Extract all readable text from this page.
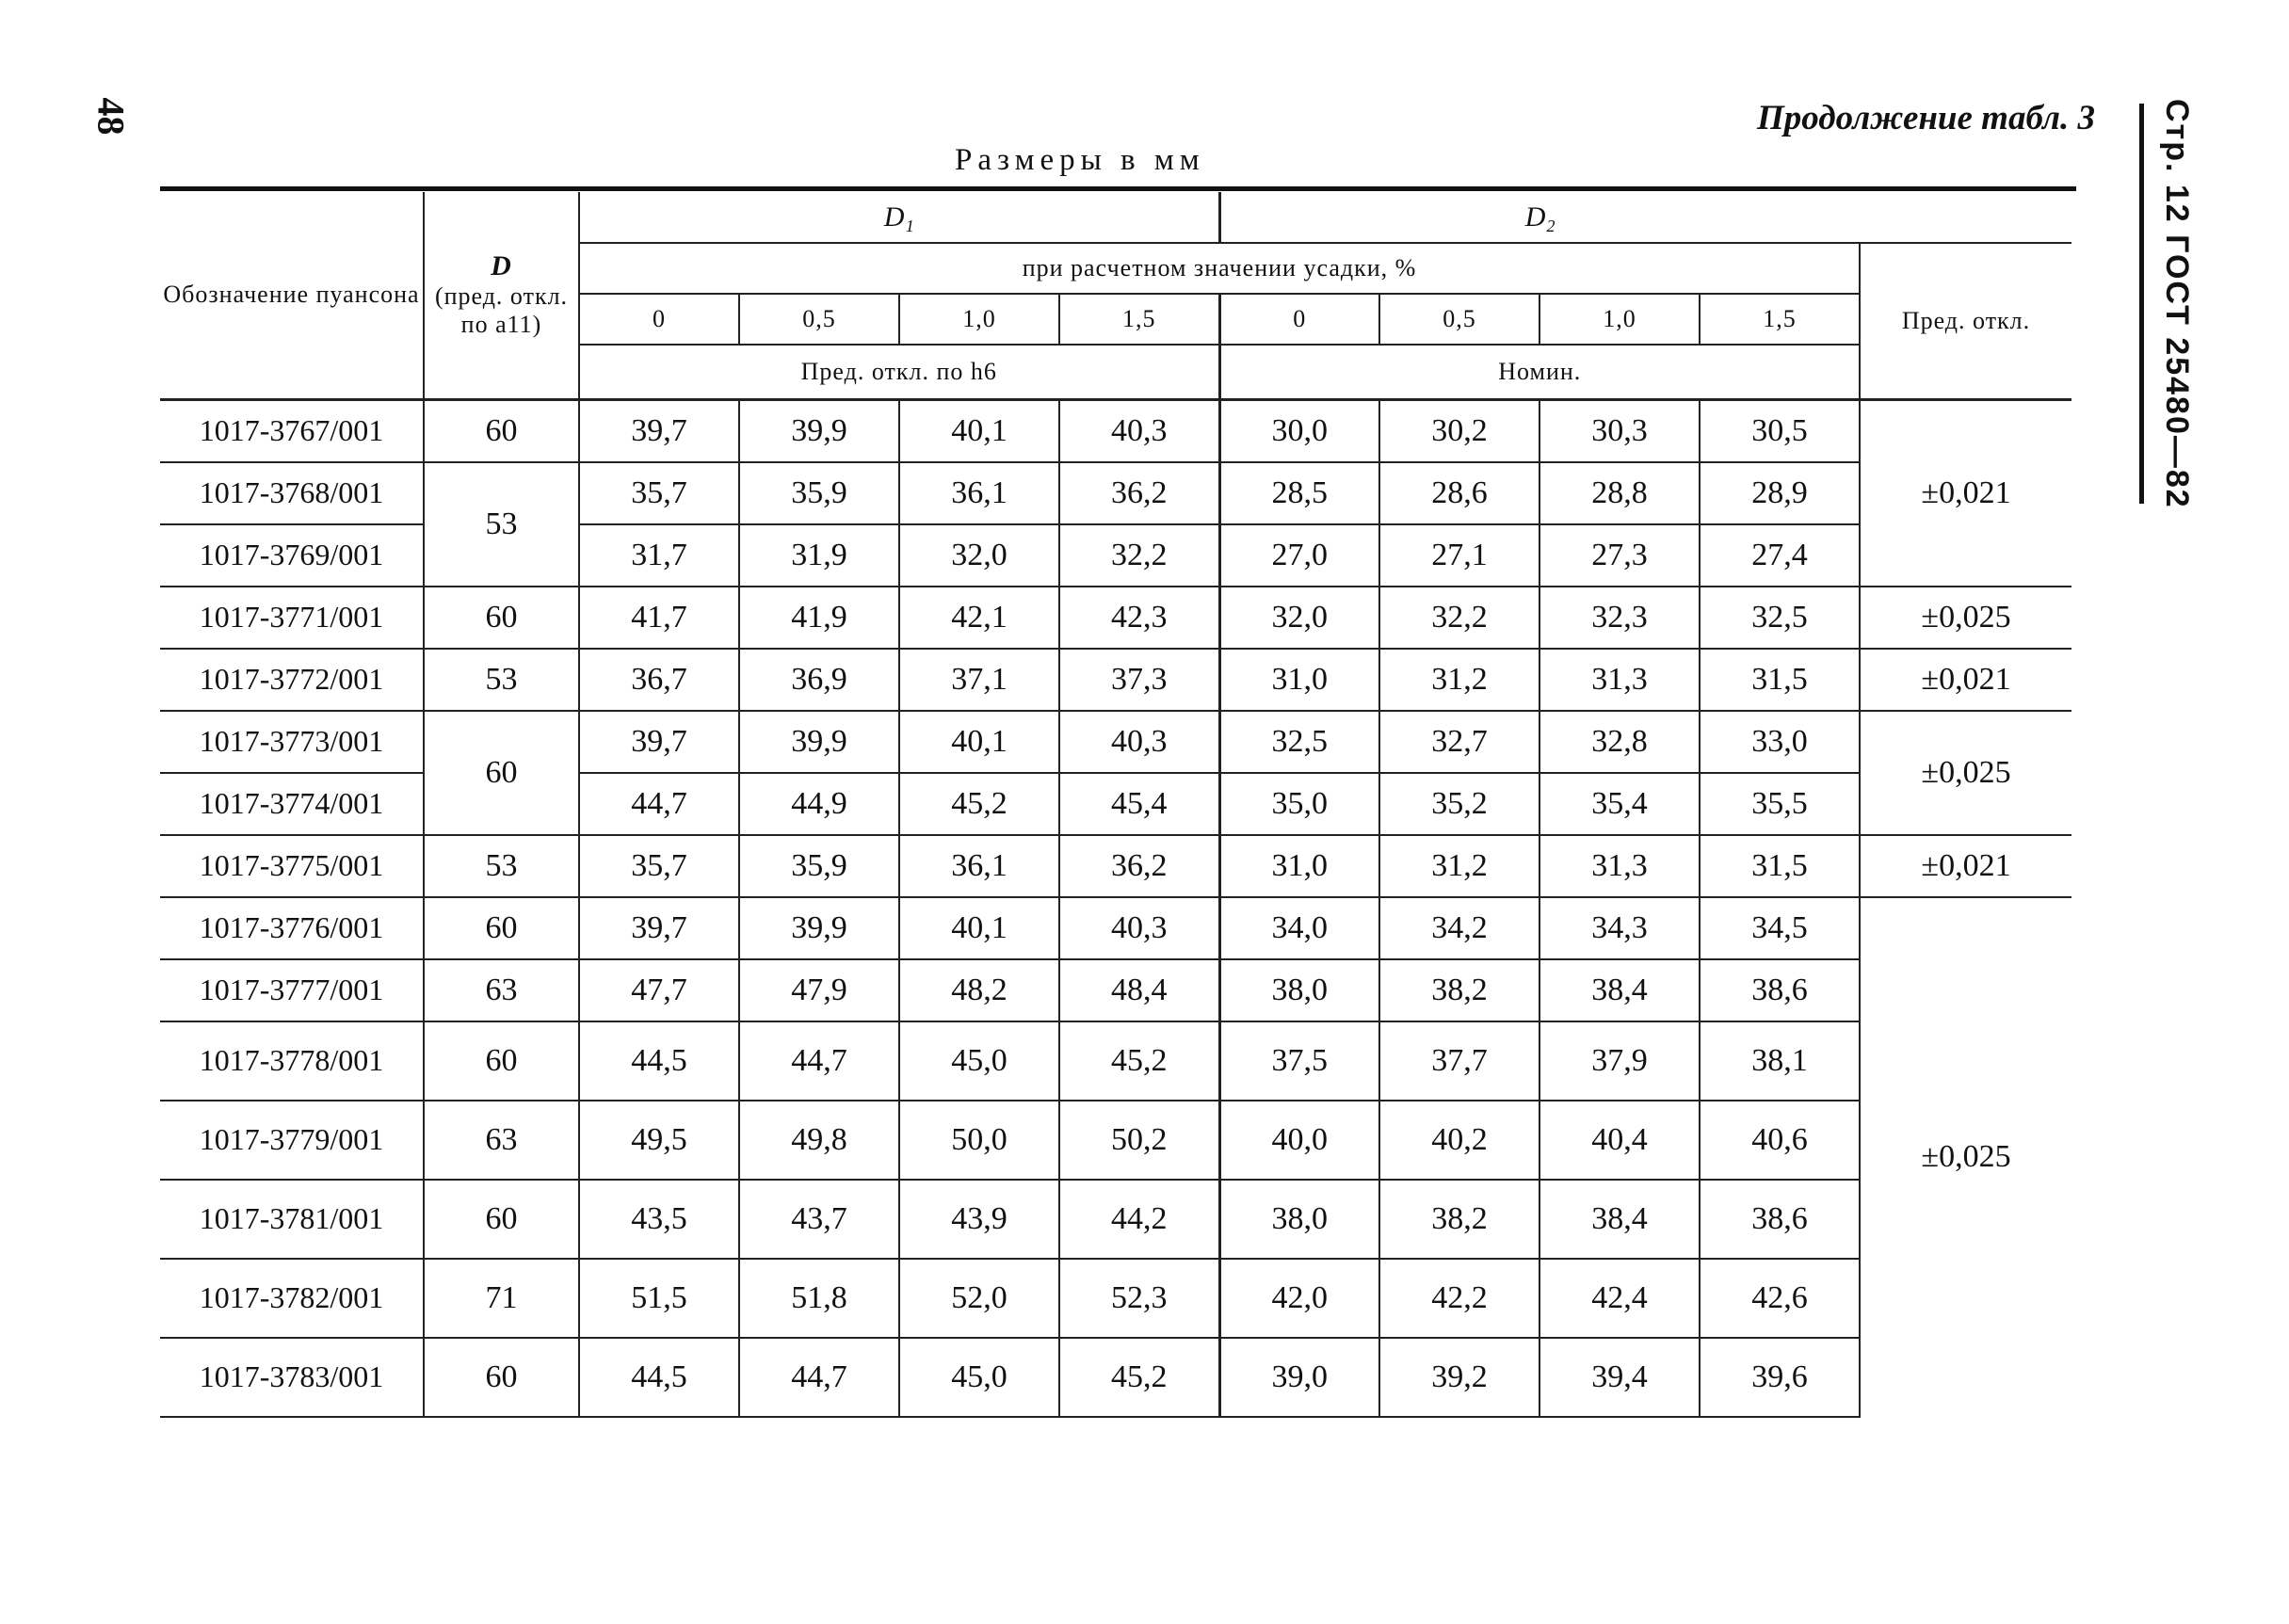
48	Продолжение табл. 3
Размеры в мм	Стр. 12 ГОСТ 25480—82
Обозначение пуансона	D
(пред. откл. по a11)	D₁				D₂				
		при расчетном значении усадки, %								Пред. откл.
		0	0,5	1,0	1,5	0	0,5	1,0	1,5	
		Пред. откл. по h6				Номин.				
1017-3767/001	60	39,7	39,9	40,1	40,3	30,0	30,2	30,3	30,5	±0,021
1017-3768/001	53	35,7	35,9	36,1	36,2	28,5	28,6	28,8	28,9	
1017-3769/001		31,7	31,9	32,0	32,2	27,0	27,1	27,3	27,4	
1017-3771/001	60	41,7	41,9	42,1	42,3	32,0	32,2	32,3	32,5	±0,025
1017-3772/001	53	36,7	36,9	37,1	37,3	31,0	31,2	31,3	31,5	±0,021
1017-3773/001	60	39,7	39,9	40,1	40,3	32,5	32,7	32,8	33,0	±0,025
1017-3774/001		44,7	44,9	45,2	45,4	35,0	35,2	35,4	35,5	
1017-3775/001	53	35,7	35,9	36,1	36,2	31,0	31,2	31,3	31,5	±0,021
1017-3776/001	60	39,7	39,9	40,1	40,3	34,0	34,2	34,3	34,5	±0,025
1017-3777/001	63	47,7	47,9	48,2	48,4	38,0	38,2	38,4	38,6	
1017-3778/001	60	44,5	44,7	45,0	45,2	37,5	37,7	37,9	38,1	
1017-3779/001	63	49,5	49,8	50,0	50,2	40,0	40,2	40,4	40,6	
1017-3781/001	60	43,5	43,7	43,9	44,2	38,0	38,2	38,4	38,6	
1017-3782/001	71	51,5	51,8	52,0	52,3	42,0	42,2	42,4	42,6	
1017-3783/001	60	44,5	44,7	45,0	45,2	39,0	39,2	39,4	39,6	
